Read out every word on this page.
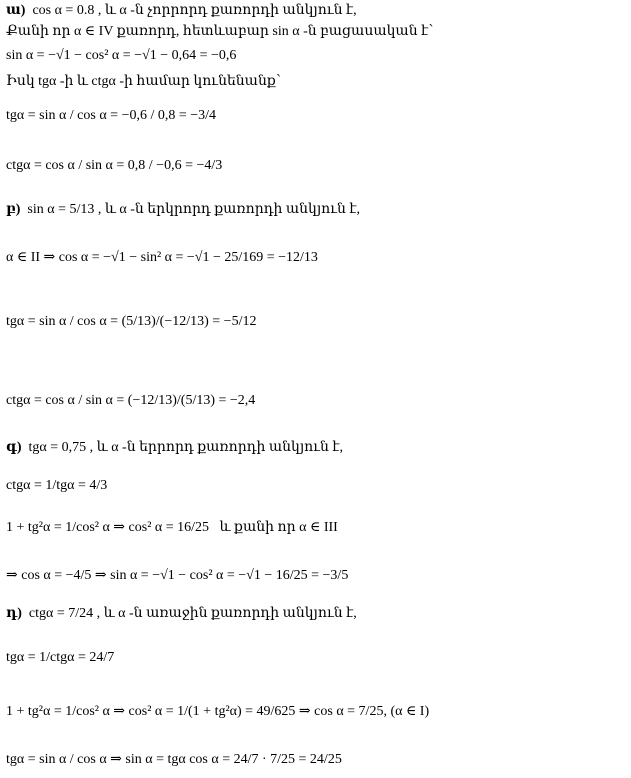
ա) cos α = 0.8 , և α -ն չորրորդ քառորդի անկյուն է,
Քանի որ α ∈ IV քառորդ, հետևաբար sin α -ն բացասական է՝
sin α = −√1 − cos² α = −√1 − 0,64 = −0,6
Իսկ tgα -ի և ctgα -ի համար կունենանք՝
tgα = sin α / cos α = −0,6 / 0,8 = −3/4
ctgα = cos α / sin α = 0,8 / −0,6 = −4/3
բ) sin α = 5/13 , և α -ն երկրորդ քառորդի անկյուն է,
α ∈ II ⇒ cos α = −√1 − sin² α = −√1 − 25/169 = −12/13
tgα = sin α / cos α = (5/13)/(−12/13) = −5/12
ctgα = cos α / sin α = (−12/13)/(5/13) = −2,4
գ) tgα = 0,75 , և α -ն երրորդ քառորդի անկյուն է,
ctgα = 1/tgα = 4/3
1 + tg²α = 1/cos² α ⇒ cos² α = 16/25 և քանի որ α ∈ III
⇒ cos α = −4/5 ⇒ sin α = −√1 − cos² α = −√1 − 16/25 = −3/5
դ) ctgα = 7/24 , և α -ն առաջին քառորդի անկյուն է,
tgα = 1/ctgα = 24/7
1 + tg²α = 1/cos² α ⇒ cos² α = 1/(1 + tg²α) = 49/625 ⇒ cos α = 7/25, (α ∈ I)
tgα = sin α / cos α ⇒ sin α = tgα cos α = 24/7 · 7/25 = 24/25
